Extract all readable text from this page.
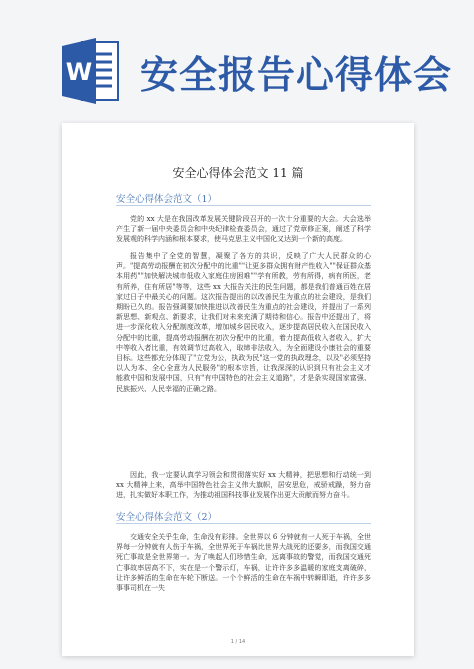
W 安全报告心得体会
安全心得体会范文 11 篇
安全心得体会范文（1）

党的 xx 大是在我国改革发展关键阶段召开的一次十分重要的大会。大会选举产生了新一届中央委员会和中央纪律检查委员会，通过了党章修正案，阐述了科学发展观的科学内涵和根本要求，使马克思主义中国化又达到一个新的高度。

报告集中了全党的智慧，凝聚了各方的共识，反映了广大人民群众的心声。"提高劳动报酬在初次分配中的比重""让更多群众拥有财产性收入""保证群众基本用药""加快解决城市低收入家庭住房困难""学有所教，劳有所得，病有所医，老有所养，住有所居"等等，这些 xx 大报告关注的民生问题，都是我们普通百姓在居家过日子中最关心的问题。这次报告提出的以改善民生为重点的社会建设，是我们期盼已久的。报告强调要加快推进以改善民生为重点的社会建设，并提出了一系列新思想、新观点、新要求，让我们对未来充满了期待和信心。报告中还提出了，将进一步深化收入分配制度改革，增加城乡居民收入，逐步提高居民收入在国民收入分配中的比重，提高劳动报酬在初次分配中的比重，着力提高低收入者收入，扩大中等收入者比重，有效调节过高收入，取缔非法收入，为全面建设小康社会的重要目标。这些都充分体现了"立党为公，执政为民"这一党的执政理念，以及"必须坚持以人为本、全心全意为人民服务"的根本宗旨，让我深深的认识到只有社会主义才能救中国和发展中国，只有"有中国特色的社会主义道路"，才是条实现国家富强、民族振兴、人民幸福的正确之路。

因此，我一定要认真学习领会和贯彻落实好 xx 大精神，把思想和行动统一到 xx 大精神上来，高举中国特色社会主义伟大旗帜，居安思危，戒骄戒躁，努力奋进，扎实做好本职工作，为推动祖国科技事业发展作出更大贡献而努力奋斗。

安全心得体会范文（2）

交通安全关乎生命，生命没有彩排。全世界以 6 分钟就有一人死于车祸，全世界每一分钟就有人伤于车祸，全世界死于车祸比世界大战死的还要多，而我国交通死亡事故是全世界第一。为了唤起人们珍惜生命，远离事故的警觉，而我国交通死亡事故率居高不下，实在是一个警示灯，车祸，让许许多多温暖的家庭支离破碎，让许多鲜活的生命在车轮下断送。一个个鲜活的生命在车祸中转瞬即逝，许许多多事事司机在一失

1 / 14
